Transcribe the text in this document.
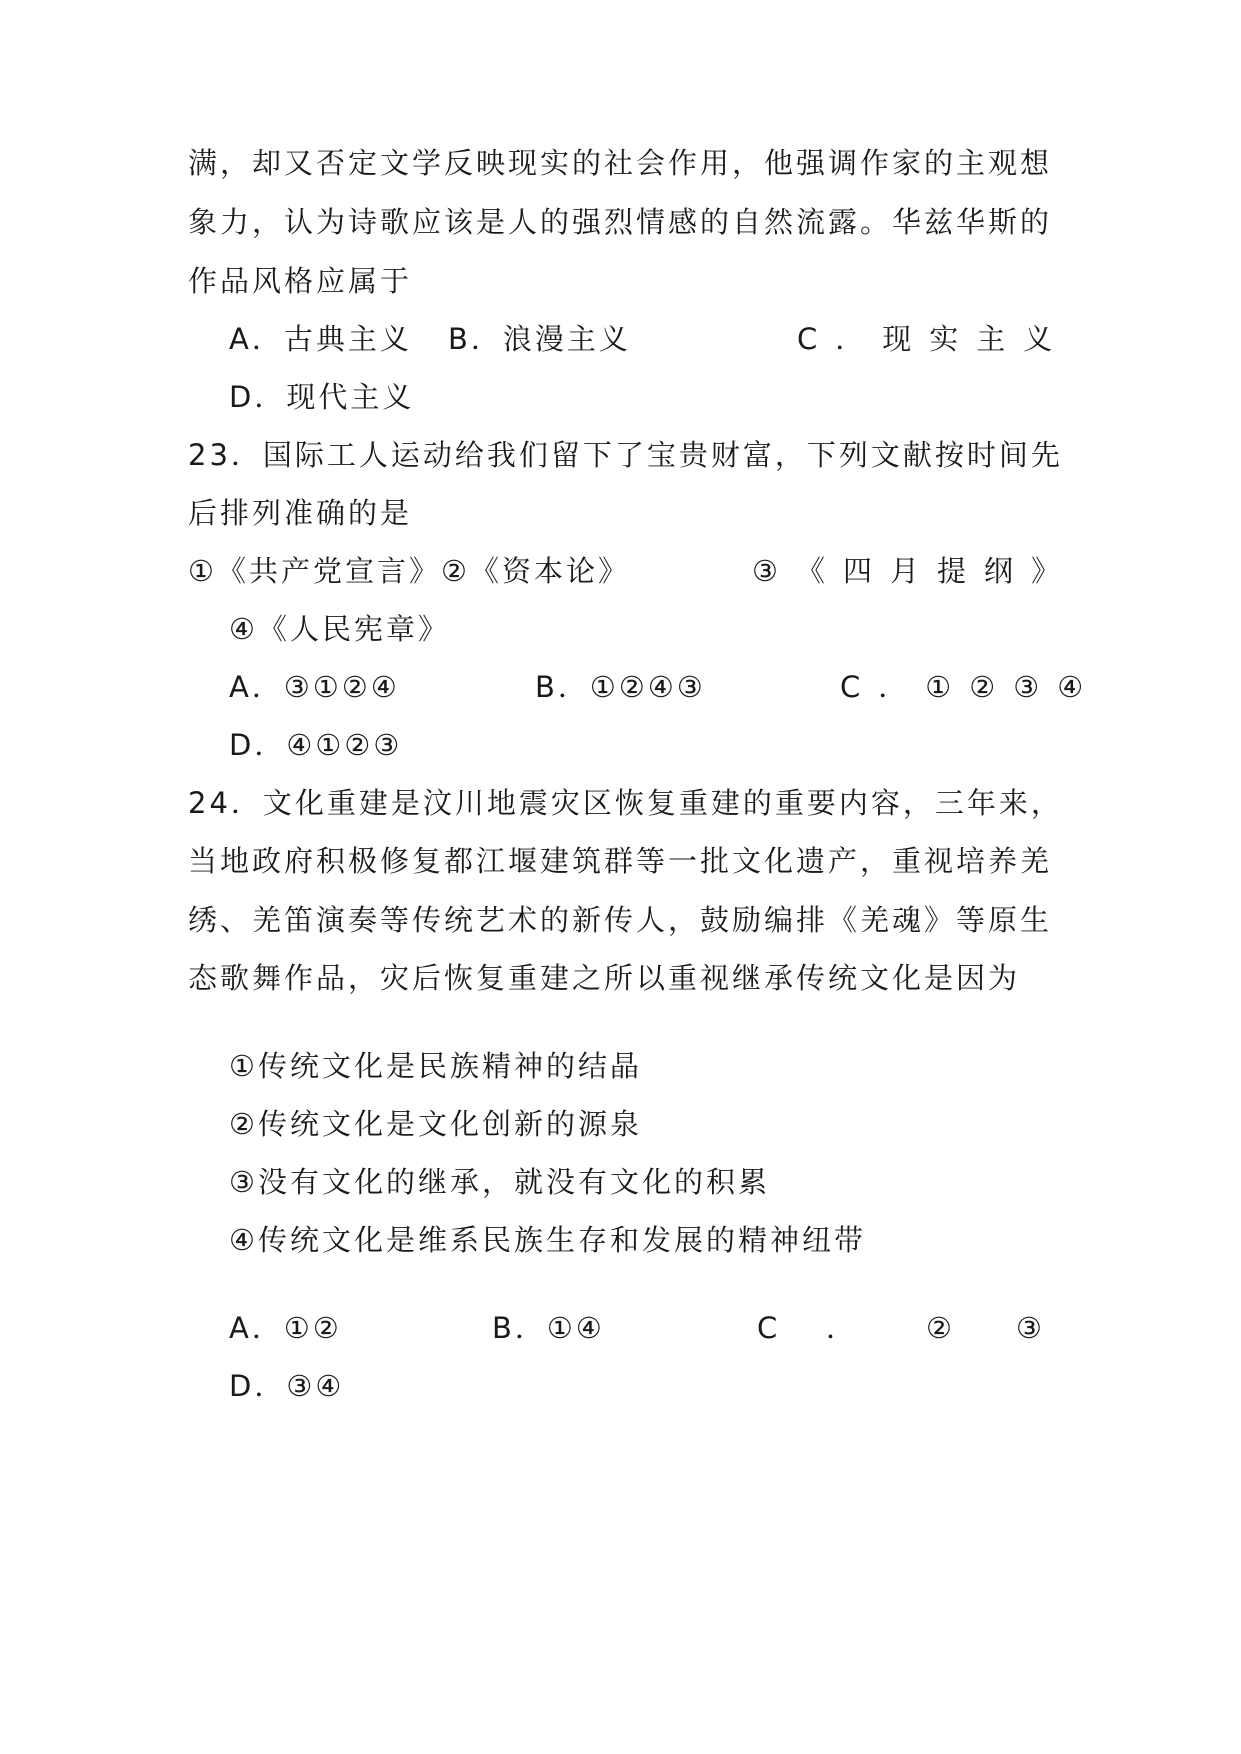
满，却又否定文学反映现实的社会作用，他强调作家的主观想

象力，认为诗歌应该是人的强烈情感的自然流露。华兹华斯的

作品风格应属于

A．古典主义 B．浪漫主义	C．现实主义
D．现代主义

23．国际工人运动给我们留下了宝贵财富，下列文献按时间先

后排列准确的是

①《共产党宣言》②《资本论》	③《四月提纲》
④《人民宪章》
A．③①②④	B．①②④③	C．①②③④
D．④①②③

24．文化重建是汶川地震灾区恢复重建的重要内容，三年来，

当地政府积极修复都江堰建筑群等一批文化遗产，重视培养羌

绣、羌笛演奏等传统艺术的新传人，鼓励编排《羌魂》等原生

态歌舞作品，灾后恢复重建之所以重视继承传统文化是因为

①传统文化是民族精神的结晶

②传统文化是文化创新的源泉

③没有文化的继承，就没有文化的积累

④传统文化是维系民族生存和发展的精神纽带

A．①②	B．①④	C ． ② ③
D．③④
